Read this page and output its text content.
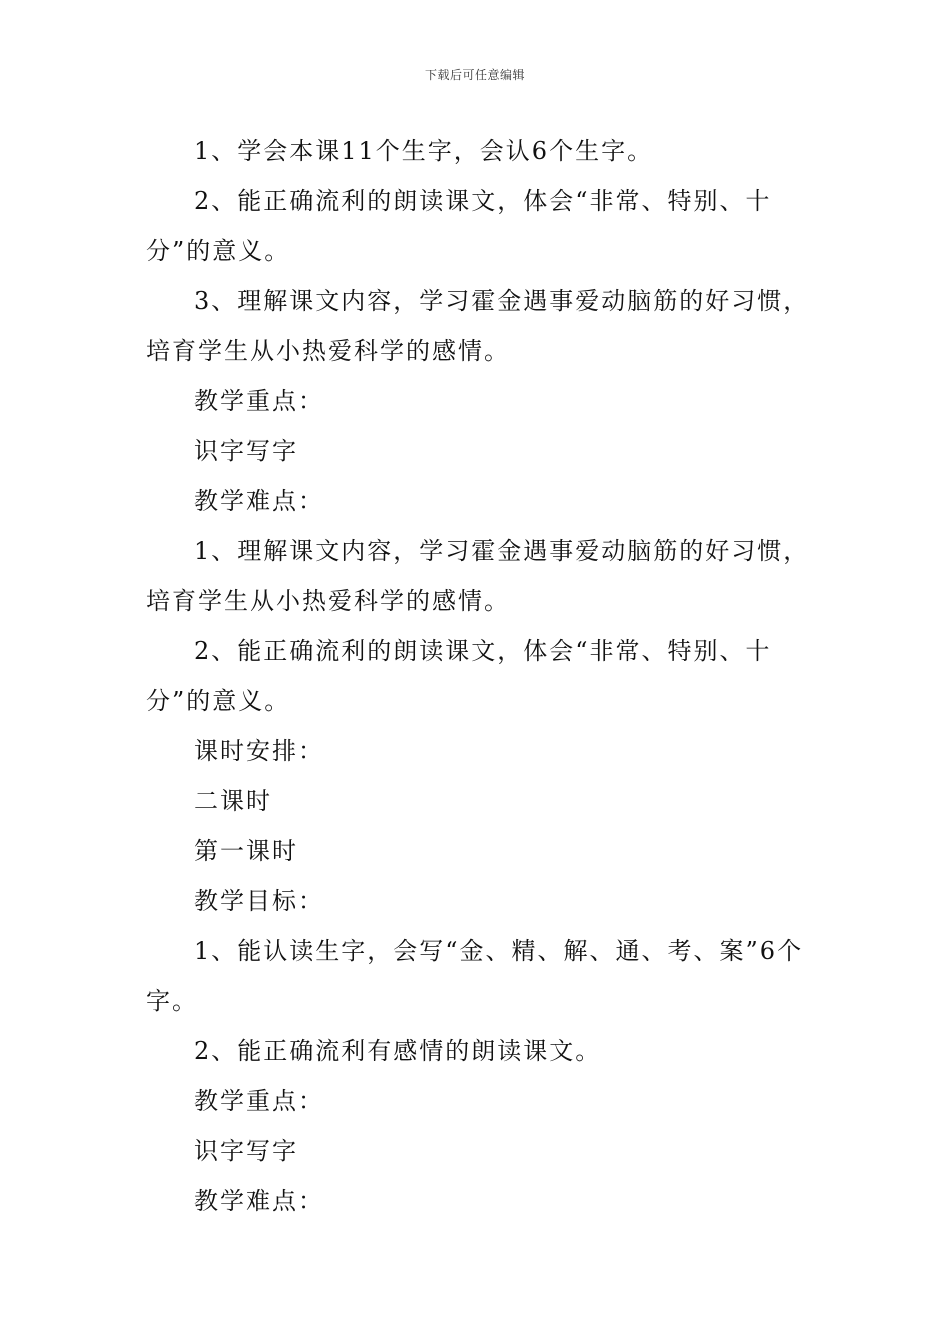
下载后可任意编辑

1、学会本课11个生字，会认6个生字。

2、能正确流利的朗读课文，体会“非常、特别、十分”的意义。

3、理解课文内容，学习霍金遇事爱动脑筋的好习惯，培育学生从小热爱科学的感情。

教学重点：

识字写字

教学难点：

1、理解课文内容，学习霍金遇事爱动脑筋的好习惯，培育学生从小热爱科学的感情。

2、能正确流利的朗读课文，体会“非常、特别、十分”的意义。

课时安排：

二课时

第一课时

教学目标：

1、能认读生字，会写“金、精、解、通、考、案”6个字。

2、能正确流利有感情的朗读课文。

教学重点：

识字写字

教学难点：
